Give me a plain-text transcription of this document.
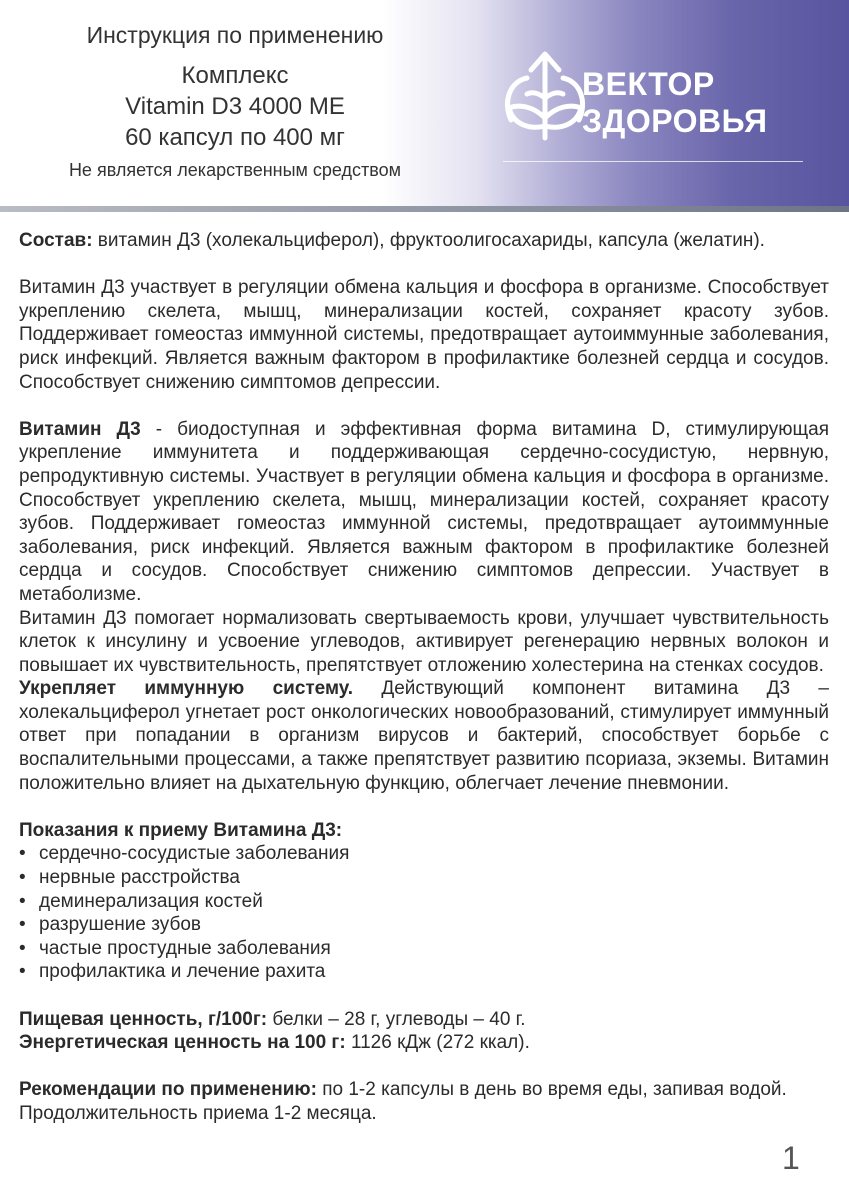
Инструкция по применению
Комплекс
Vitamin D3 4000 МЕ
60 капсул по 400 мг
Не является лекарственным средством
ВЕКТОР
ЗДОРОВЬЯ

Состав: витамин Д3 (холекальциферол), фруктоолигосахариды, капсула (желатин).

Витамин Д3 участвует в регуляции обмена кальция и фосфора в организме. Способствует укреплению скелета, мышц, минерализации костей, сохраняет красоту зубов. Поддерживает гомеостаз иммунной системы, предотвращает аутоиммунные заболевания, риск инфекций. Является важным фактором в профилактике болезней сердца и сосудов. Способствует снижению симптомов депрессии.

Витамин Д3 - биодоступная и эффективная форма витамина D, стимулирующая укрепление иммунитета и поддерживающая сердечно-сосудистую, нервную, репродуктивную системы. Участвует в регуляции обмена кальция и фосфора в организме. Способствует укреплению скелета, мышц, минерализации костей, сохраняет красоту зубов. Поддерживает гомеостаз иммунной системы, предотвращает аутоиммунные заболевания, риск инфекций. Является важным фактором в профилактике болезней сердца и сосудов. Способствует снижению симптомов депрессии. Участвует в метаболизме.

Витамин Д3 помогает нормализовать свертываемость крови, улучшает чувствительность клеток к инсулину и усвоение углеводов, активирует регенерацию нервных волокон и повышает их чувствительность, препятствует отложению холестерина на стенках сосудов.

Укрепляет иммунную систему. Действующий компонент витамина Д3 – холекальциферол угнетает рост онкологических новообразований, стимулирует иммунный ответ при попадании в организм вирусов и бактерий, способствует борьбе с воспалительными процессами, а также препятствует развитию псориаза, экземы. Витамин положительно влияет на дыхательную функцию, облегчает лечение пневмонии.

Показания к приему Витамина Д3:

• сердечно-сосудистые заболевания
• нервные расстройства
• деминерализация костей
• разрушение зубов
• частые простудные заболевания
• профилактика и лечение рахита

Пищевая ценность, г/100г: белки – 28 г, углеводы – 40 г.

Энергетическая ценность на 100 г: 1126 кДж (272 ккал).

Рекомендации по применению: по 1-2 капсулы в день во время еды, запивая водой.

Продолжительность приема 1-2 месяца.

1
